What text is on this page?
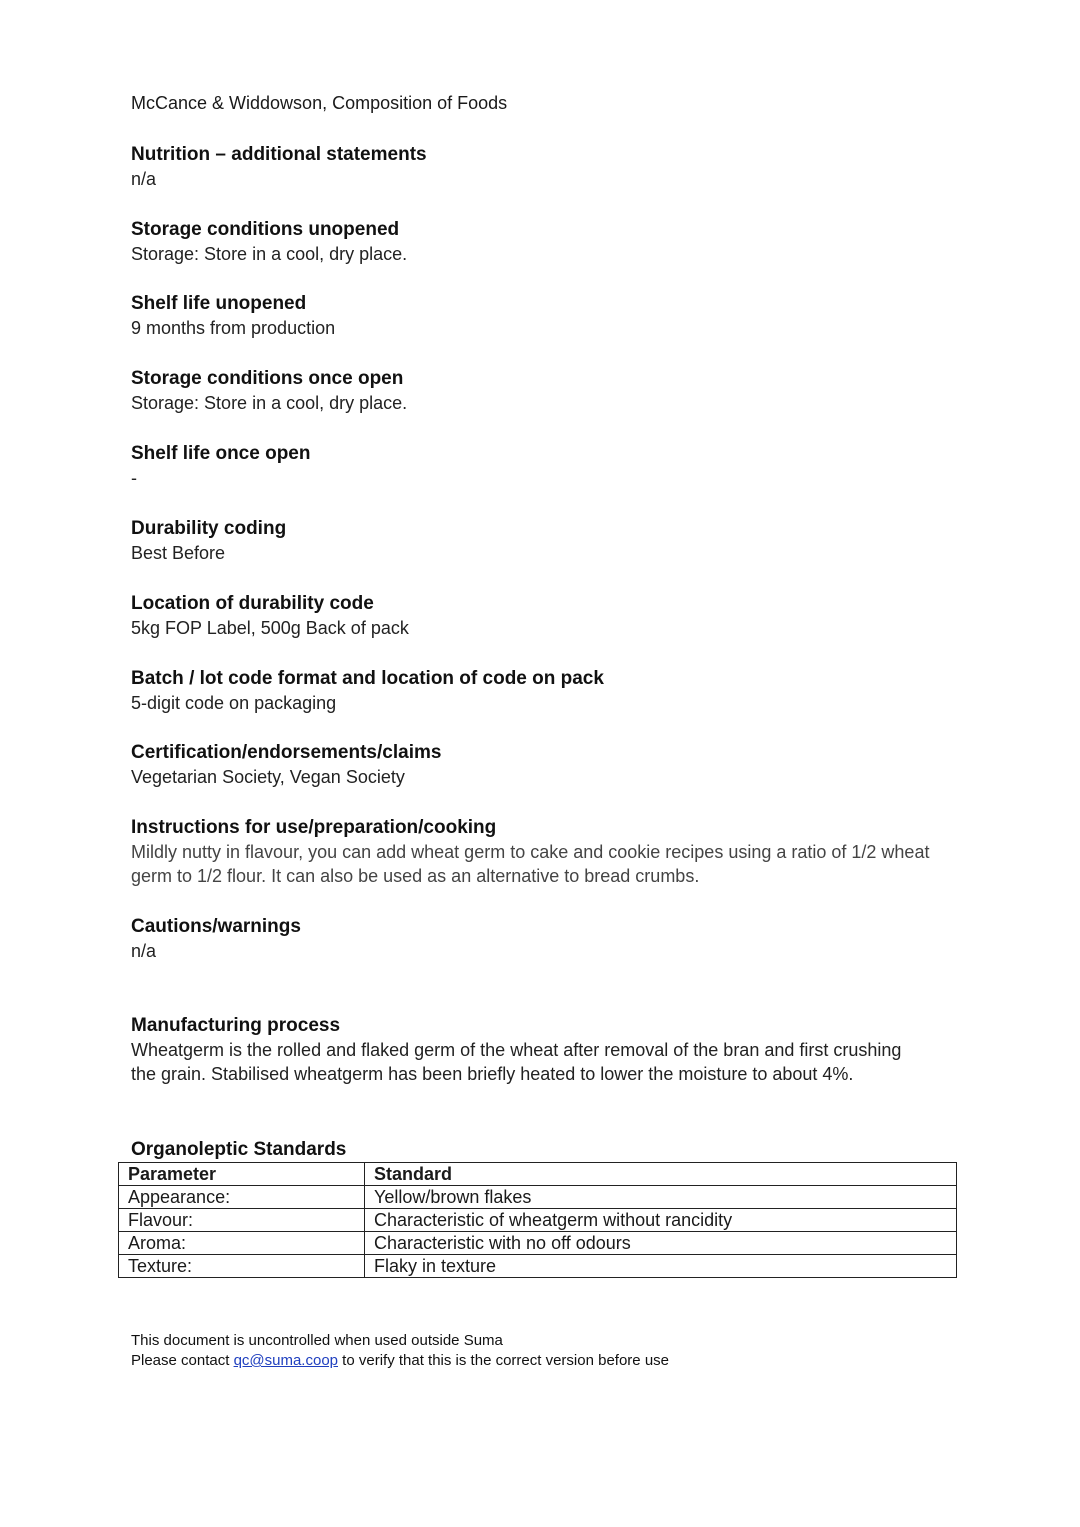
McCance & Widdowson, Composition of Foods
Nutrition – additional statements

n/a

Storage conditions unopened

Storage: Store in a cool, dry place.

Shelf life unopened

9 months from production

Storage conditions once open

Storage: Store in a cool, dry place.

Shelf life once open

-

Durability coding

Best Before

Location of durability code

5kg FOP Label, 500g Back of pack

Batch / lot code format and location of code on pack

5-digit code on packaging

Certification/endorsements/claims

Vegetarian Society, Vegan Society

Instructions for use/preparation/cooking

Mildly nutty in flavour, you can add wheat germ to cake and cookie recipes using a ratio of 1/2 wheat

germ to 1/2 flour. It can also be used as an alternative to bread crumbs.

Cautions/warnings

n/a

Manufacturing process

Wheatgerm is the rolled and flaked germ of the wheat after removal of the bran and first crushing

the grain. Stabilised wheatgerm has been briefly heated to lower the moisture to about 4%.

Organoleptic Standards
Parameter	Standard
Appearance:	Yellow/brown flakes
Flavour:	Characteristic of wheatgerm without rancidity
Aroma:	Characteristic with no off odours
Texture:	Flaky in texture
This document is uncontrolled when used outside Suma
Please contact qc@suma.coop to verify that this is the correct version before use
